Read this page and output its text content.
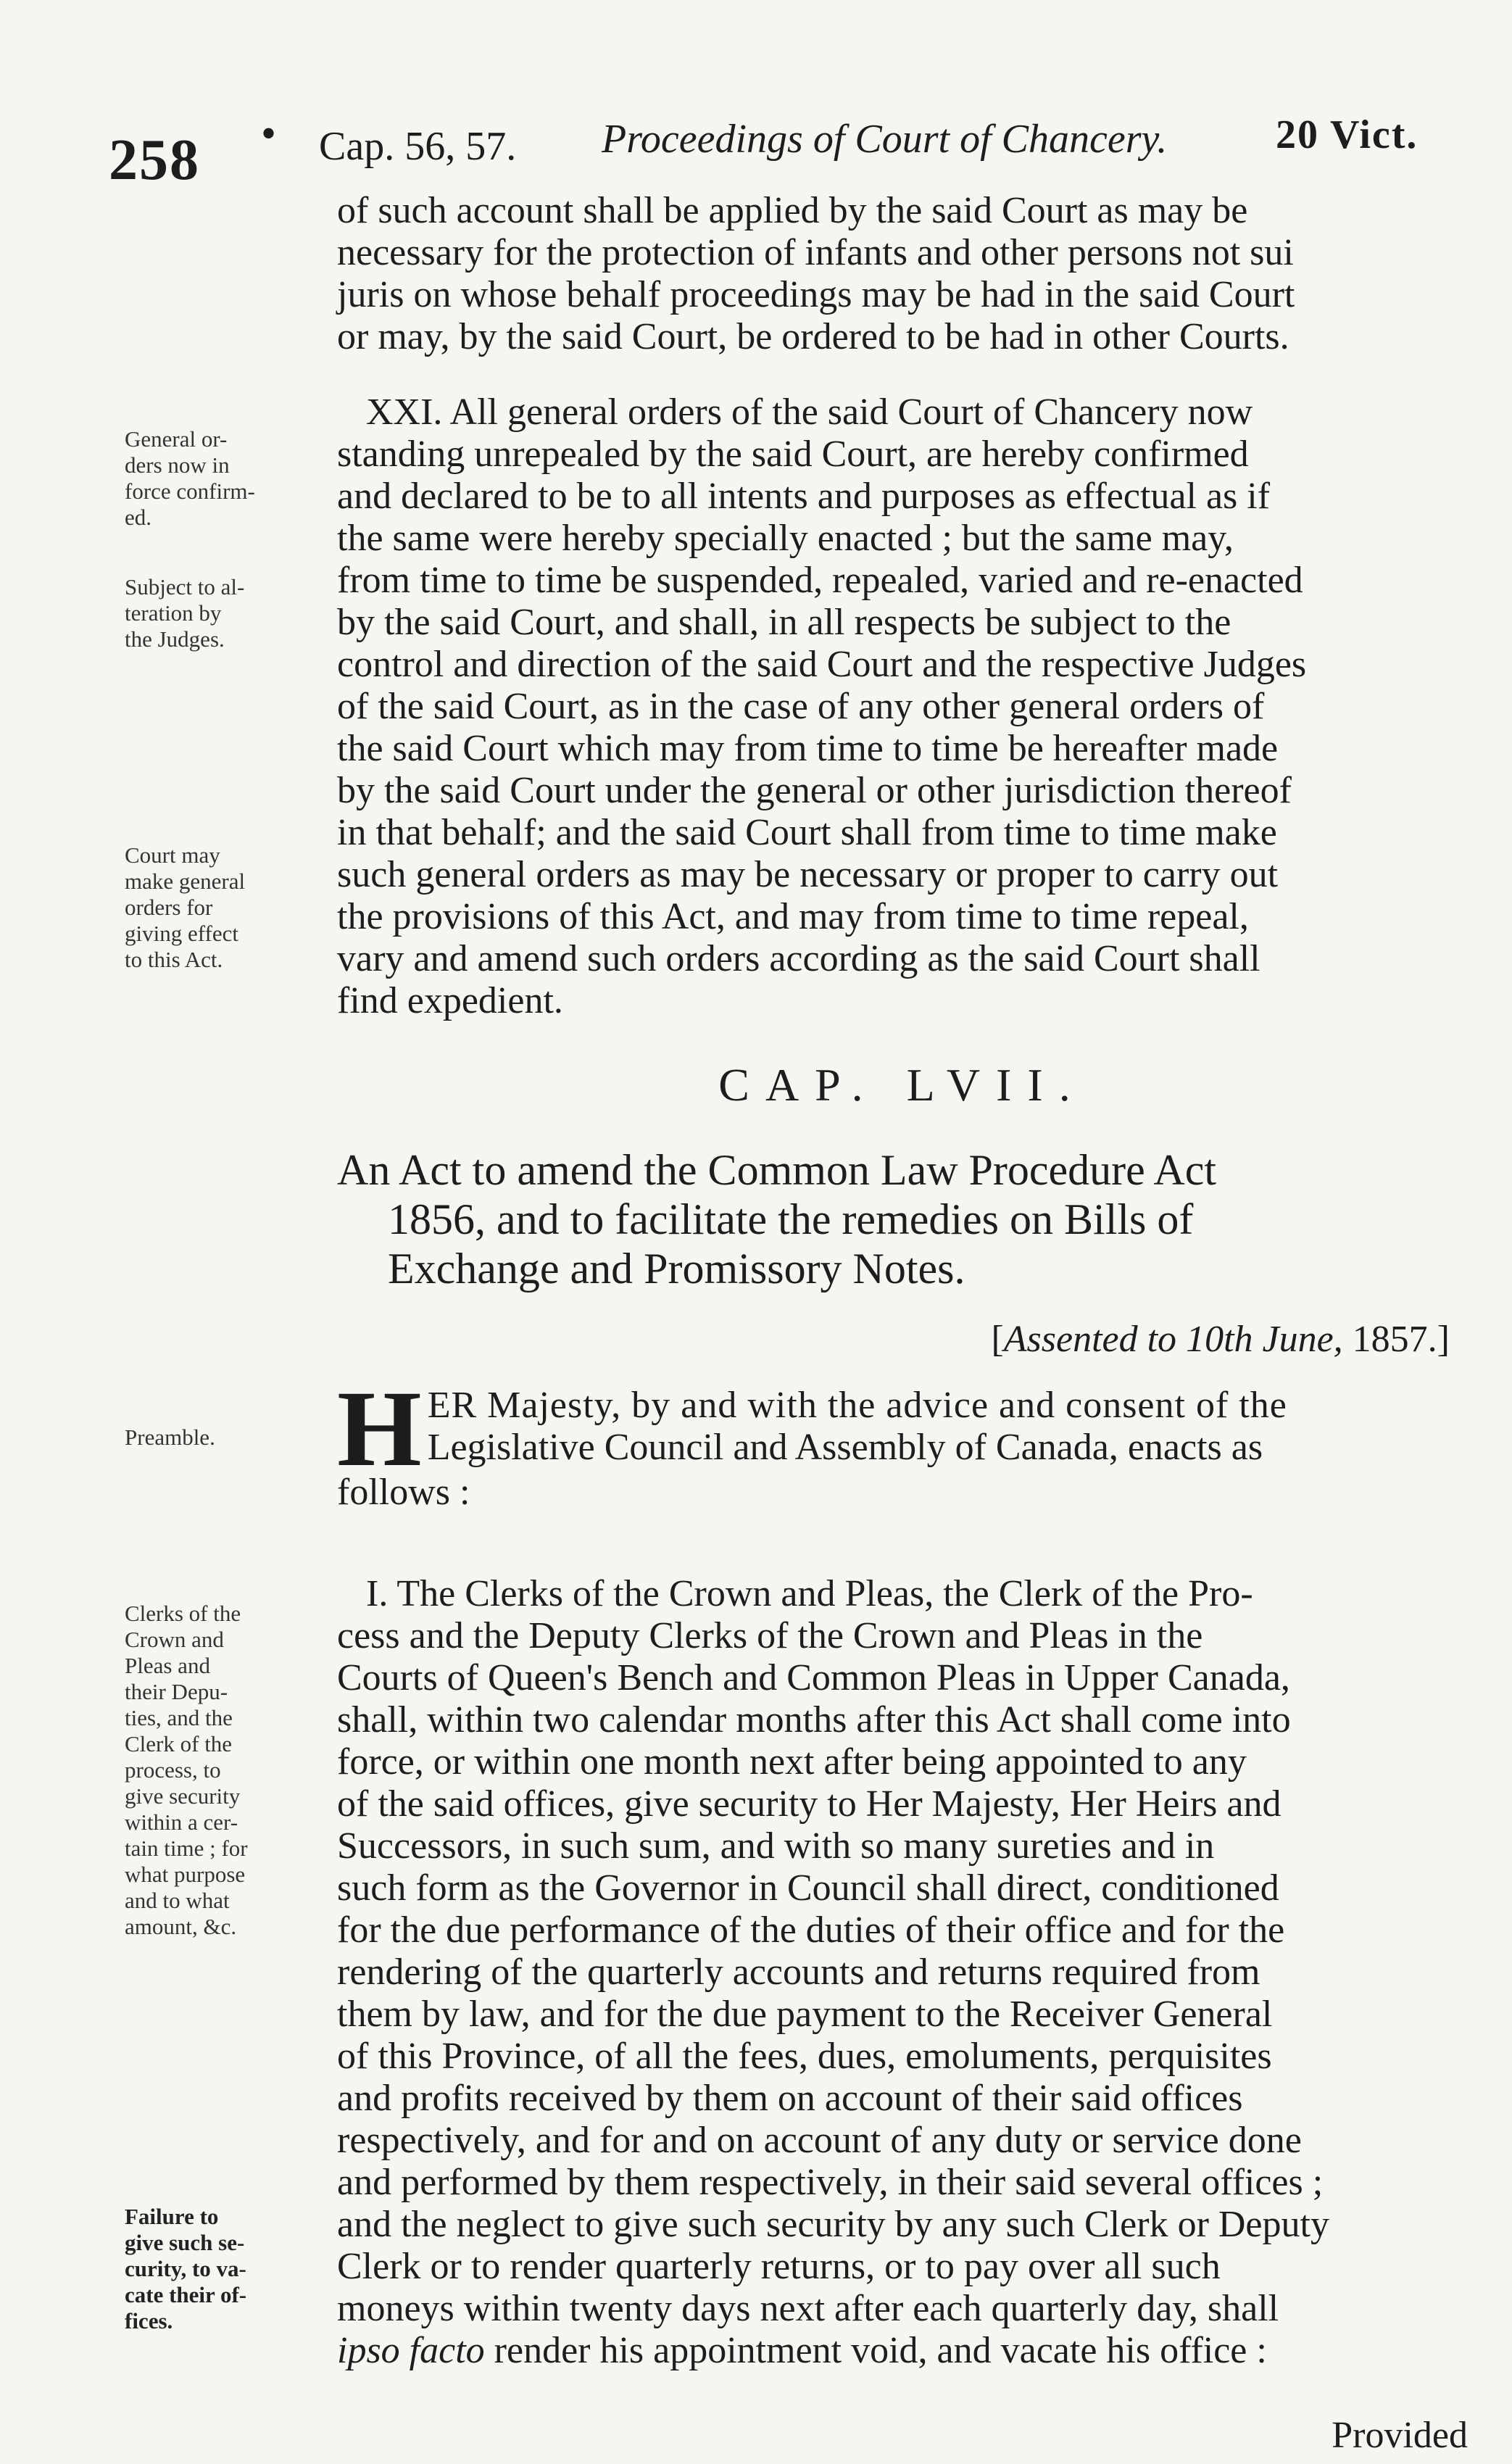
258 • Cap. 56, 57. Proceedings of Court of Chancery.	20 Vict.

of such account shall be applied by the said Court as may be

necessary for the protection of infants and other persons not sui

juris on whose behalf proceedings may be had in the said Court

or may, by the said Court, be ordered to be had in other Courts.

XXI. All general orders of the said Court of Chancery now

standing unrepealed by the said Court, are hereby confirmed

and declared to be to all intents and purposes as effectual as if

the same were hereby specially enacted ; but the same may,

from time to time be suspended, repealed, varied and re-enacted

by the said Court, and shall, in all respects be subject to the

control and direction of the said Court and the respective Judges

of the said Court, as in the case of any other general orders of

the said Court which may from time to time be hereafter made

by the said Court under the general or other jurisdiction thereof

in that behalf; and the said Court shall from time to time make

such general orders as may be necessary or proper to carry out

the provisions of this Act, and may from time to time repeal,

vary and amend such orders according as the said Court shall

find expedient.

General or-
ders now in
force confirm-
ed.
Subject to al-
teration by
the Judges.
Court may
make general
orders for
giving effect
to this Act.
CAP. LVII.
An Act to amend the Common Law Procedure Act
1856, and to facilitate the remedies on Bills of
Exchange and Promissory Notes.
[Assented to 10th June, 1857.]
Preamble.	H ER Majesty, by and with the advice and consent of the
Legislative Council and Assembly of Canada, enacts as
follows :
Clerks of the
Crown and
Pleas and
their Depu-
ties, and the
Clerk of the
process, to
give security
within a cer-
tain time ; for
what purpose
and to what
amount, &c.

I. The Clerks of the Crown and Pleas, the Clerk of the Pro-

cess and the Deputy Clerks of the Crown and Pleas in the

Courts of Queen's Bench and Common Pleas in Upper Canada,

shall, within two calendar months after this Act shall come into

force, or within one month next after being appointed to any

of the said offices, give security to Her Majesty, Her Heirs and

Successors, in such sum, and with so many sureties and in

such form as the Governor in Council shall direct, conditioned

for the due performance of the duties of their office and for the

rendering of the quarterly accounts and returns required from

them by law, and for the due payment to the Receiver General

of this Province, of all the fees, dues, emoluments, perquisites

and profits received by them on account of their said offices

respectively, and for and on account of any duty or service done

and performed by them respectively, in their said several offices ;

and the neglect to give such security by any such Clerk or Deputy

Clerk or to render quarterly returns, or to pay over all such

moneys within twenty days next after each quarterly day, shall

ipso facto render his appointment void, and vacate his office :

Failure to
give such se-
curity, to va-
cate their of-
fices.
Provided
